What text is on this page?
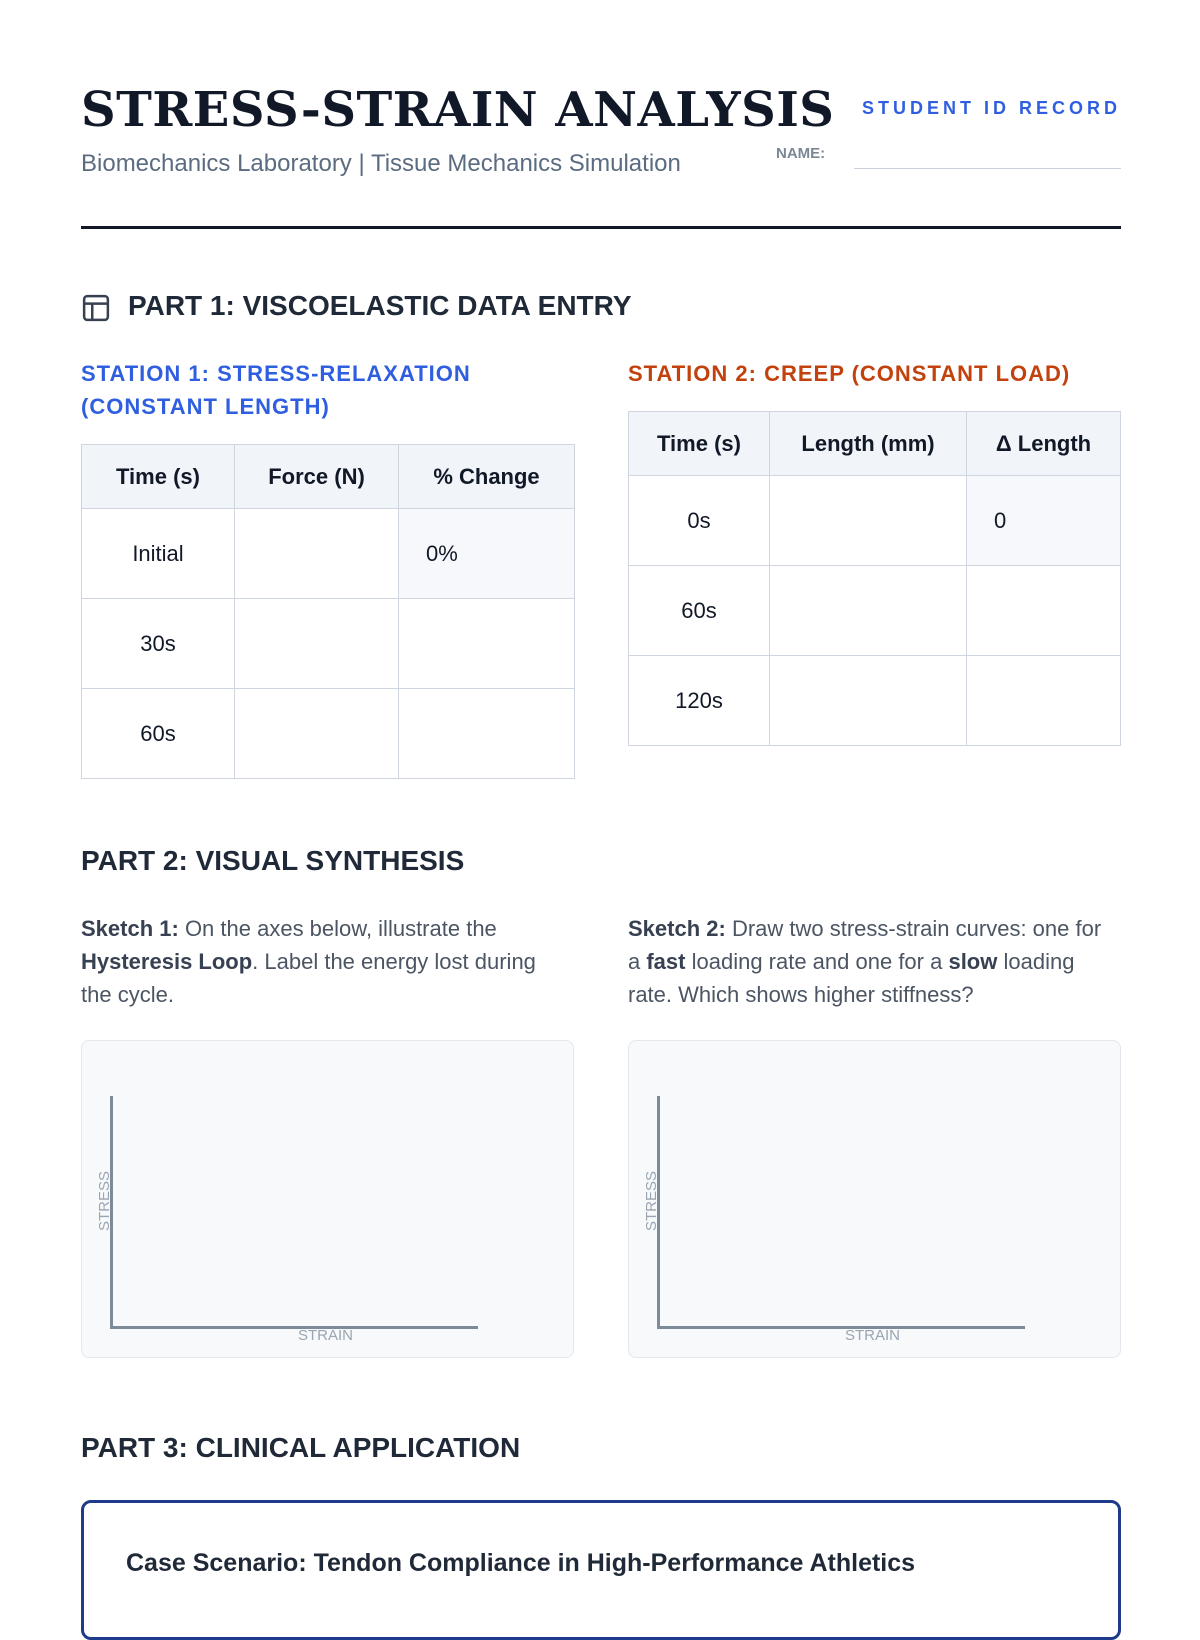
STRESS-STRAIN ANALYSIS
Biomechanics Laboratory | Tissue Mechanics Simulation
STUDENT ID RECORD
NAME:
PART 1: VISCOELASTIC DATA ENTRY
STATION 1: STRESS-RELAXATION (CONSTANT LENGTH)
Time (s)	Force (N)	% Change
Initial		0%
30s		
60s		
STATION 2: CREEP (CONSTANT LOAD)
Time (s)	Length (mm)	Δ Length
0s		0
60s		
120s		
PART 2: VISUAL SYNTHESIS
Sketch 1: On the axes below, illustrate the Hysteresis Loop. Label the energy lost during the cycle.
Sketch 2: Draw two stress-strain curves: one for a fast loading rate and one for a slow loading rate. Which shows higher stiffness?
STRESS
STRAIN
STRESS
STRAIN
PART 3: CLINICAL APPLICATION
Case Scenario: Tendon Compliance in High-Performance Athletics
